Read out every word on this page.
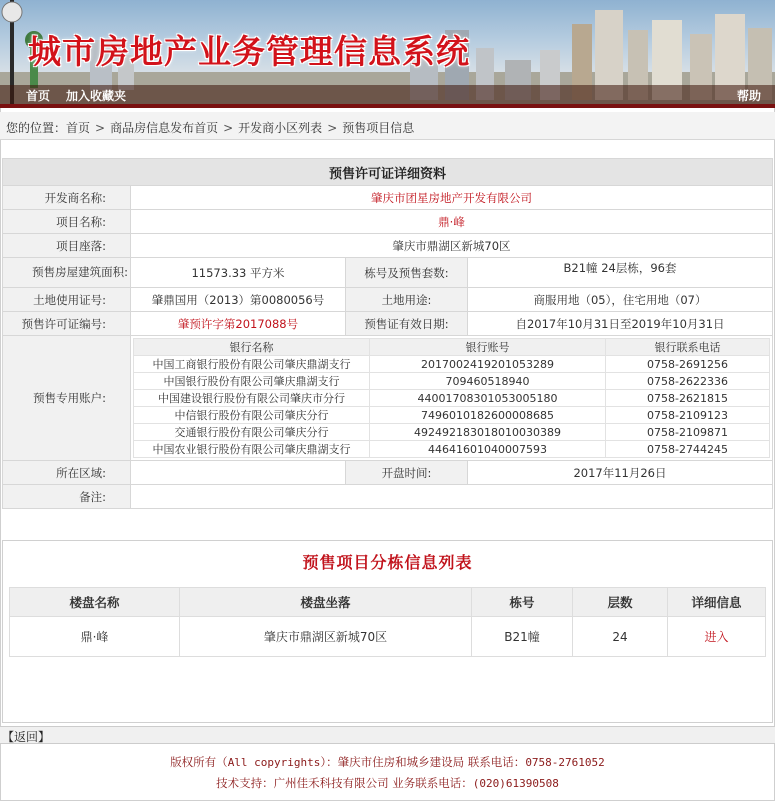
城市房地产业务管理信息系统
首页 加入收藏夹	帮助
您的位置：首页 > 商品房信息发布首页 > 开发商小区列表 > 预售项目信息
预售许可证详细资料
开发商名称:	肇庆市团星房地产开发有限公司
项目名称:	鼎·峰
项目座落:	肇庆市鼎湖区新城70区
预售房屋建筑面积:	11573.33 平方米	栋号及预售套数:	B21幢 24层栋，96套
土地使用证号:	肇鼎国用（2013）第0080056号	土地用途:	商服用地（05），住宅用地（07）
预售许可证编号:	肇预许字第2017088号	预售证有效日期:	自2017年10月31日至2019年10月31日
预售专用账户:	
银行名称	银行账号	银行联系电话
中国工商银行股份有限公司肇庆鼎湖支行	2017002419201053289	0758-2691256
中国银行股份有限公司肇庆鼎湖支行	709460518940	0758-2622336
中国建设银行股份有限公司肇庆市分行	44001708301053005180	0758-2621815
中信银行股份有限公司肇庆分行	7496010182600008685	0758-2109123
交通银行股份有限公司肇庆分行	492492183018010030389	0758-2109871
中国农业银行股份有限公司肇庆鼎湖支行	44641601040007593	0758-2744245

所在区域:		开盘时间:	2017年11月26日
备注:	
预售项目分栋信息列表
楼盘名称	楼盘坐落	栋号	层数	详细信息
鼎·峰	肇庆市鼎湖区新城70区	B21幢	24	进入
【返回】
版权所有（All copyrights）：肇庆市住房和城乡建设局 联系电话：0758-2761052
技术支持：广州佳禾科技有限公司 业务联系电话：(020)61390508
